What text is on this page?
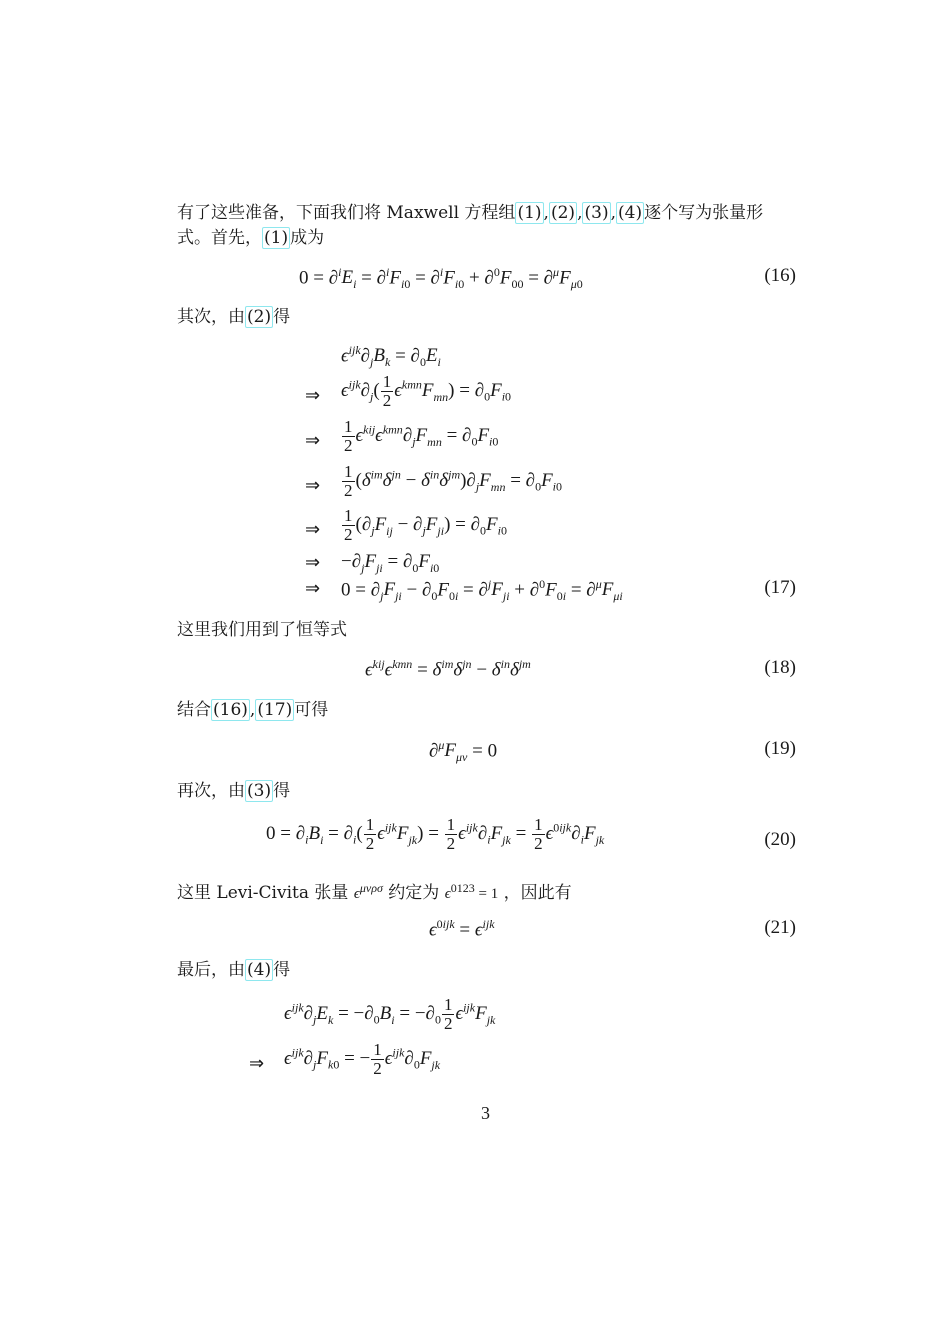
有了这些准备，下面我们将 Maxwell 方程组 (1) , (2) , (3) , (4) 逐个写为张量形
式。首先， (1) 成为
$0 = \partial^iE_i = \partial^iF_{i0} = \partial^iF_{i0} + \partial^0F_{00} = \partial^\mu F_{\mu 0}$	(16)
其次，由 (2) 得
$\epsilon^{ijk}\partial_jB_k = \partial_0E_i$
⇒ $\epsilon^{ijk}\partial_j( \frac{1}{2} \epsilon^{kmn}F_{mn}) = \partial_0F_{i0}$
⇒ $\frac{1}{2} \epsilon^{kij}\epsilon^{kmn}\partial_jF_{mn} = \partial_0F_{i0}$
⇒ $\frac{1}{2} (\delta^{im}\delta^{jn} - \delta^{in}\delta^{jm})\partial_jF_{mn} = \partial_0F_{i0}$
⇒ $\frac{1}{2} (\partial_jF_{ij} - \partial_jF_{ji}) = \partial_0F_{i0}$
⇒ $-\partial_jF_{ji} = \partial_0F_{i0}$
⇒ $0 = \partial_jF_{ji} - \partial_0F_{0i} = \partial^jF_{ji} + \partial^0F_{0i} = \partial^\mu F_{\mu i}$	(17)
这里我们用到了恒等式
$\epsilon^{kij}\epsilon^{kmn} = \delta^{im}\delta^{jn} - \delta^{in}\delta^{jm}$	(18)
结合 (16) , (17) 可得
$\partial^\mu F_{\mu\nu} = 0$	(19)
再次，由 (3) 得
$0 = \partial_iB_i = \partial_i( \frac{1}{2} \epsilon^{ijk}F_{jk}) = \frac{1}{2} \epsilon^{ijk}\partial_iF_{jk} = \frac{1}{2} \epsilon^{0ijk}\partial_iF_{jk}$	(20)
这里 Levi-Civita 张量 $\epsilon^{\mu\nu\rho\sigma}$ 约定为 $\epsilon^{0123} = 1$ ，因此有
$\epsilon^{0ijk} = \epsilon^{ijk}$	(21)
最后，由 (4) 得
$\epsilon^{ijk}\partial_jE_k = -\partial_0B_i = -\partial_0 \frac{1}{2} \epsilon^{ijk}F_{jk}$
⇒ $\epsilon^{ijk}\partial_jF_{k0}$ = − $\frac{1}{2} \epsilon^{ijk}\partial_0F_{jk}$
3
